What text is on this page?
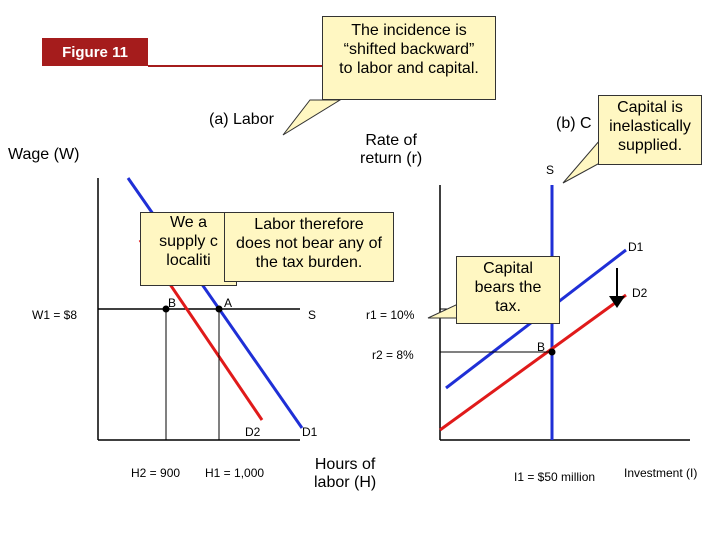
Figure 11
(a) Labor
Wage (W)
W1 = $8
B	A
S
D2	D1
H2 = 900 H1 = 1,000	Hours of
labor (H)
Rate of
return (r)
(b) C
S
D1
D2
r1 = 10%
r2 = 8%
B
I1 = $50 million Investment (I)
We a
supply c
localiti
The incidence is
“shifted backward”
to labor and capital.
Capital is
inelastically
supplied.
Labor therefore
does not bear any of
the tax burden.	Capital
bears the
tax.
